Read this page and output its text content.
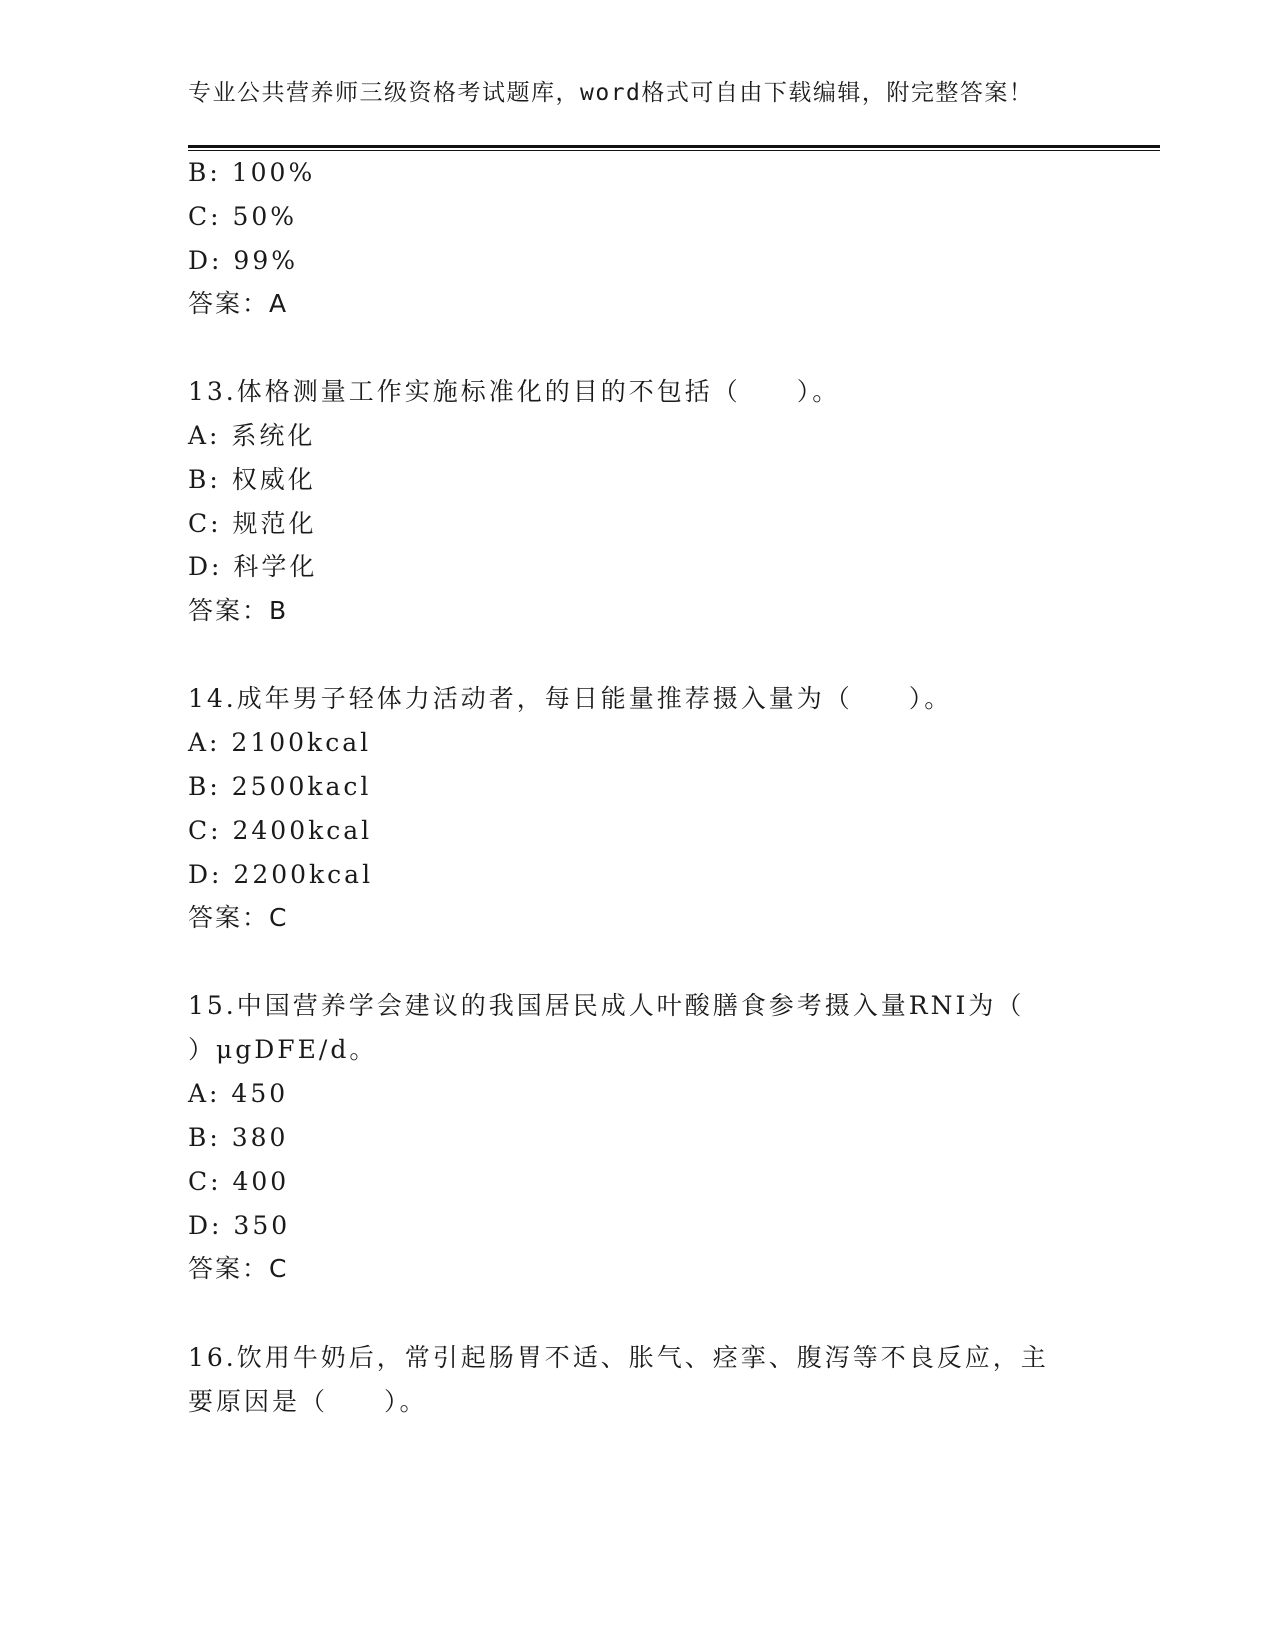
专业公共营养师三级资格考试题库，word格式可自由下载编辑，附完整答案！
B: 100%
C: 50%
D: 99%
答案：A
13.体格测量工作实施标准化的目的不包括（　　）。
A: 系统化
B: 权威化
C: 规范化
D: 科学化
答案：B
14.成年男子轻体力活动者，每日能量推荐摄入量为（　　）。
A: 2100kcal
B: 2500kacl
C: 2400kcal
D: 2200kcal
答案：C
15.中国营养学会建议的我国居民成人叶酸膳食参考摄入量RNI为（
）μgDFE/d。
A: 450
B: 380
C: 400
D: 350
答案：C
16.饮用牛奶后，常引起肠胃不适、胀气、痉挛、腹泻等不良反应，主
要原因是（　　）。
